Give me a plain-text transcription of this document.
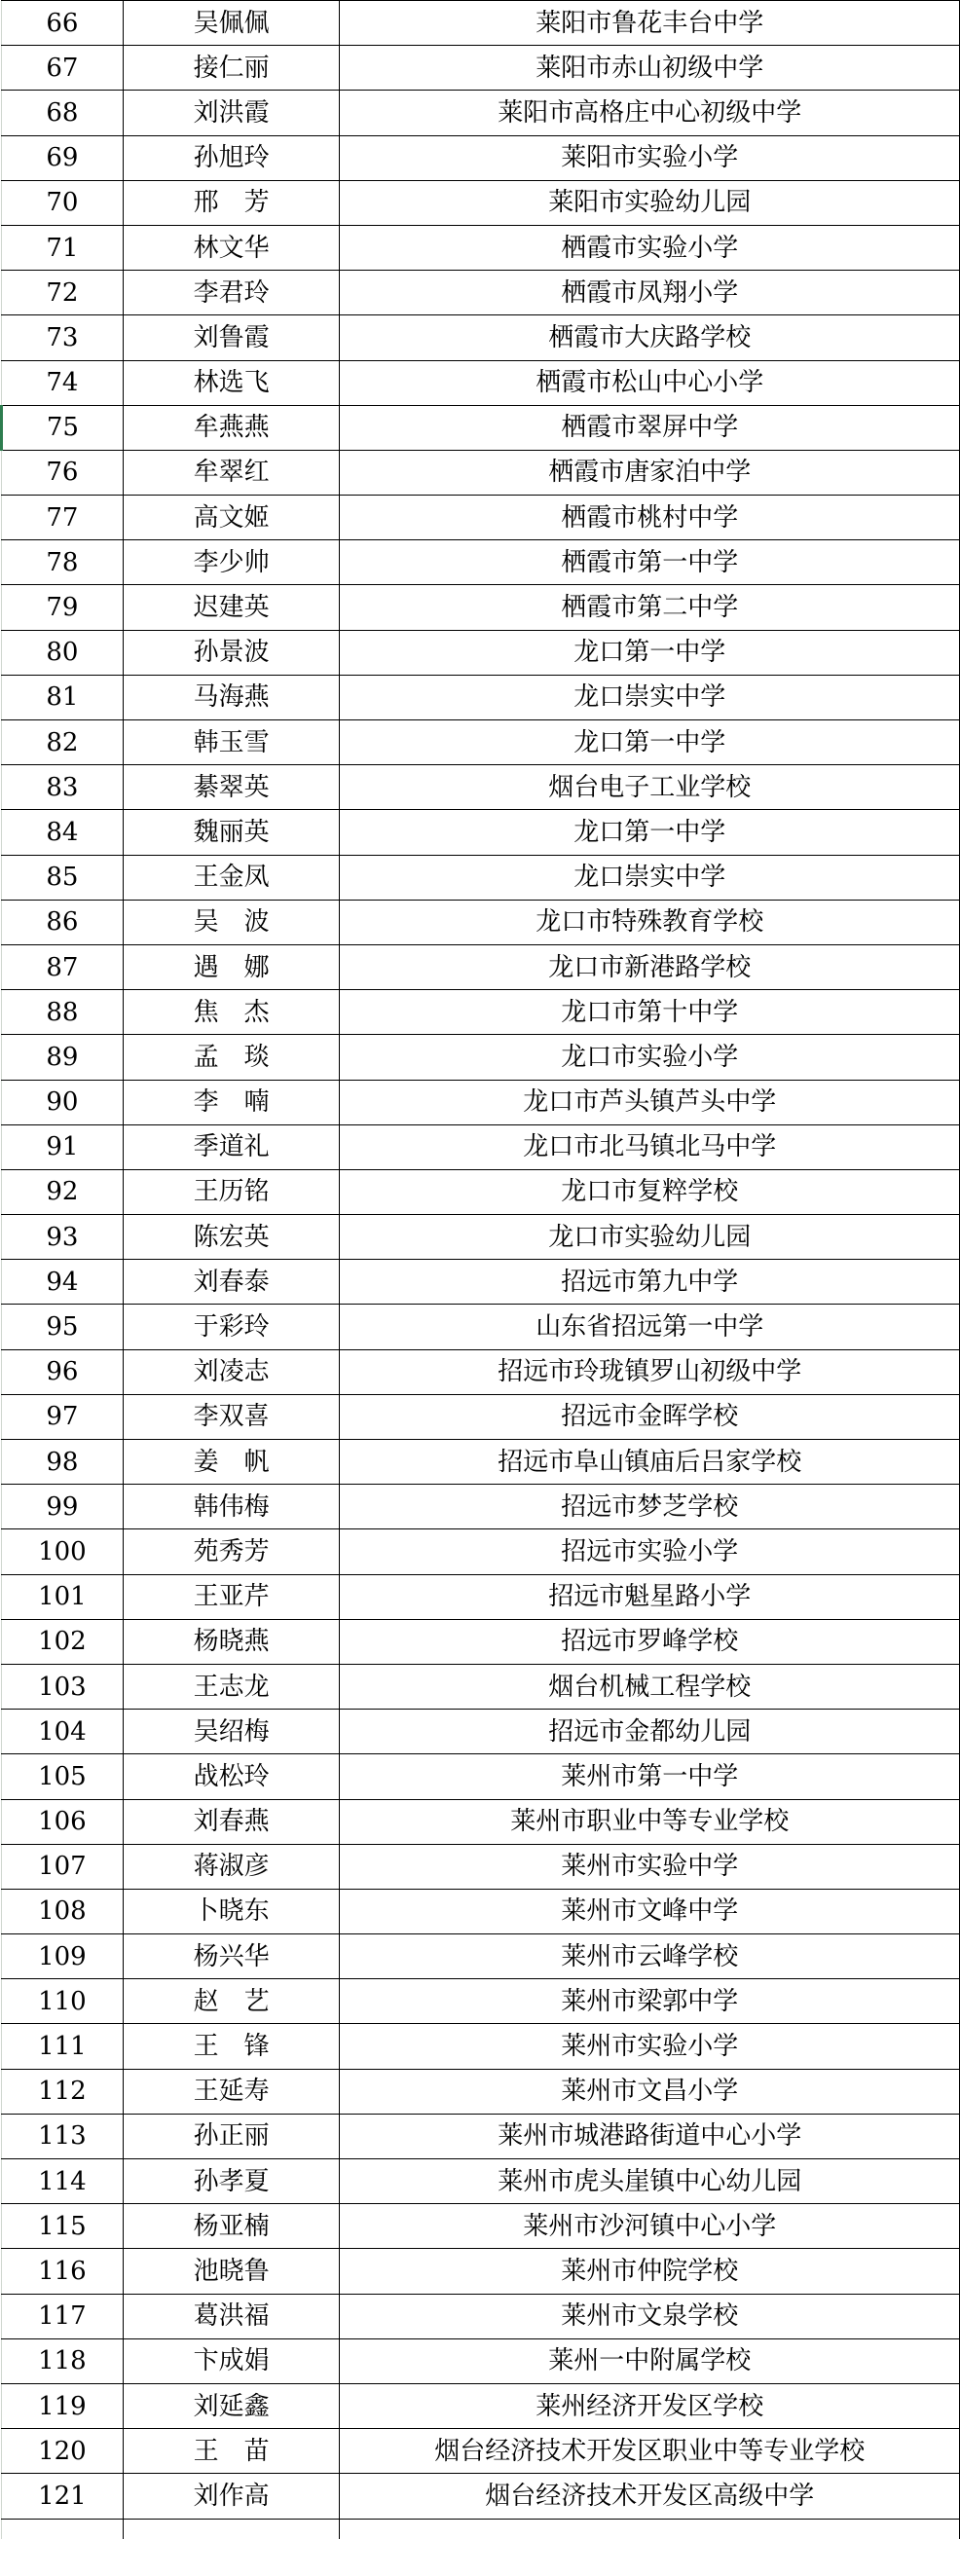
66	吴佩佩	莱阳市鲁花丰台中学
67	接仁丽	莱阳市赤山初级中学
68	刘洪霞	莱阳市高格庄中心初级中学
69	孙旭玲	莱阳市实验小学
70	邢　芳	莱阳市实验幼儿园
71	林文华	栖霞市实验小学
72	李君玲	栖霞市凤翔小学
73	刘鲁霞	栖霞市大庆路学校
74	林选飞	栖霞市松山中心小学
75	牟燕燕	栖霞市翠屏中学
76	牟翠红	栖霞市唐家泊中学
77	高文姬	栖霞市桃村中学
78	李少帅	栖霞市第一中学
79	迟建英	栖霞市第二中学
80	孙景波	龙口第一中学
81	马海燕	龙口崇实中学
82	韩玉雪	龙口第一中学
83	綦翠英	烟台电子工业学校
84	魏丽英	龙口第一中学
85	王金凤	龙口崇实中学
86	吴　波	龙口市特殊教育学校
87	遇　娜	龙口市新港路学校
88	焦　杰	龙口市第十中学
89	孟　琰	龙口市实验小学
90	李　喃	龙口市芦头镇芦头中学
91	季道礼	龙口市北马镇北马中学
92	王历铭	龙口市复粹学校
93	陈宏英	龙口市实验幼儿园
94	刘春泰	招远市第九中学
95	于彩玲	山东省招远第一中学
96	刘凌志	招远市玲珑镇罗山初级中学
97	李双喜	招远市金晖学校
98	姜　帆	招远市阜山镇庙后吕家学校
99	韩伟梅	招远市梦芝学校
100	苑秀芳	招远市实验小学
101	王亚芹	招远市魁星路小学
102	杨晓燕	招远市罗峰学校
103	王志龙	烟台机械工程学校
104	吴绍梅	招远市金都幼儿园
105	战松玲	莱州市第一中学
106	刘春燕	莱州市职业中等专业学校
107	蒋淑彦	莱州市实验中学
108	卜晓东	莱州市文峰中学
109	杨兴华	莱州市云峰学校
110	赵　艺	莱州市梁郭中学
111	王　锋	莱州市实验小学
112	王延寿	莱州市文昌小学
113	孙正丽	莱州市城港路街道中心小学
114	孙孝夏	莱州市虎头崖镇中心幼儿园
115	杨亚楠	莱州市沙河镇中心小学
116	池晓鲁	莱州市仲院学校
117	葛洪福	莱州市文泉学校
118	卞成娟	莱州一中附属学校
119	刘延鑫	莱州经济开发区学校
120	王　苗	烟台经济技术开发区职业中等专业学校
121	刘作高	烟台经济技术开发区高级中学
